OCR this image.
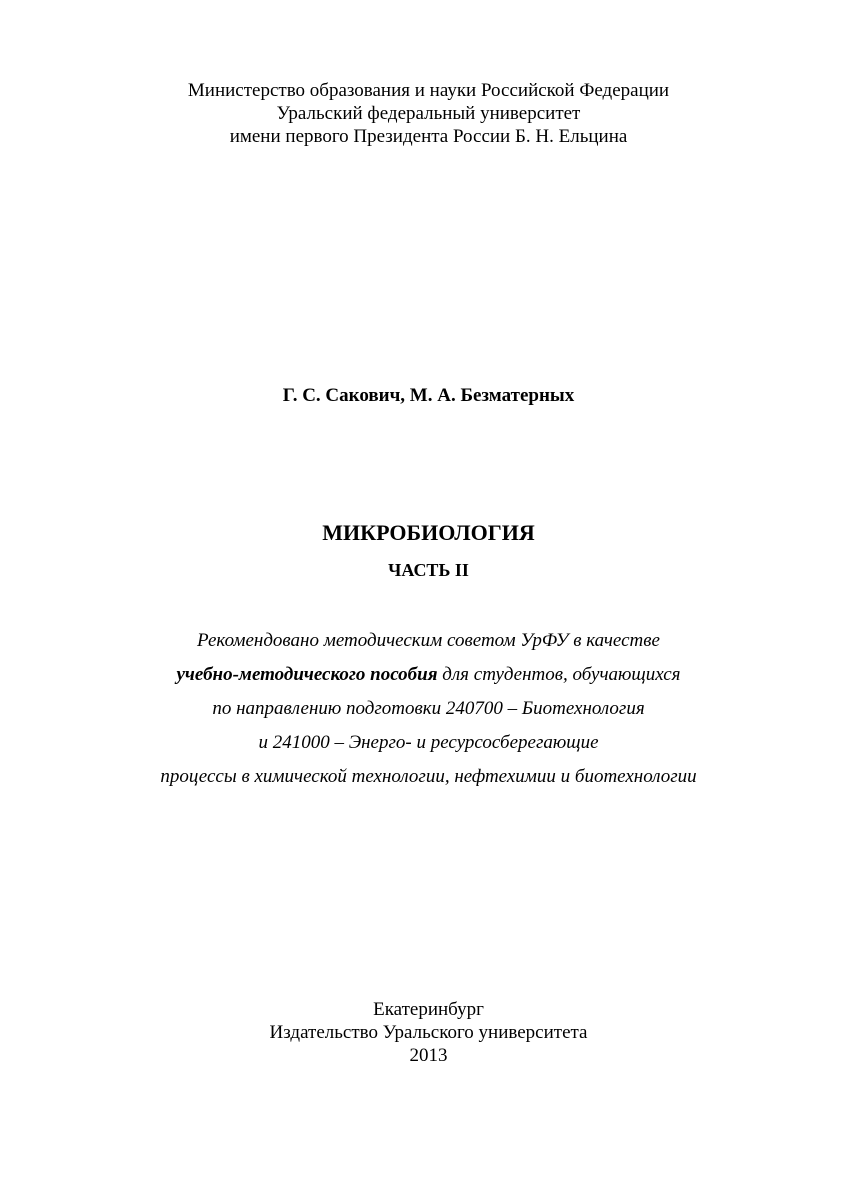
Министерство образования и науки Российской Федерации
Уральский федеральный университет
имени первого Президента России Б. Н. Ельцина
Г. С. Сакович, М. А. Безматерных
МИКРОБИОЛОГИЯ
ЧАСТЬ II
Рекомендовано методическим советом УрФУ в качестве
учебно-методического пособия для студентов, обучающихся
по направлению подготовки 240700 – Биотехнология
и 241000 – Энерго- и ресурсосберегающие
процессы в химической технологии, нефтехимии и биотехнологии
Екатеринбург
Издательство Уральского университета
2013
